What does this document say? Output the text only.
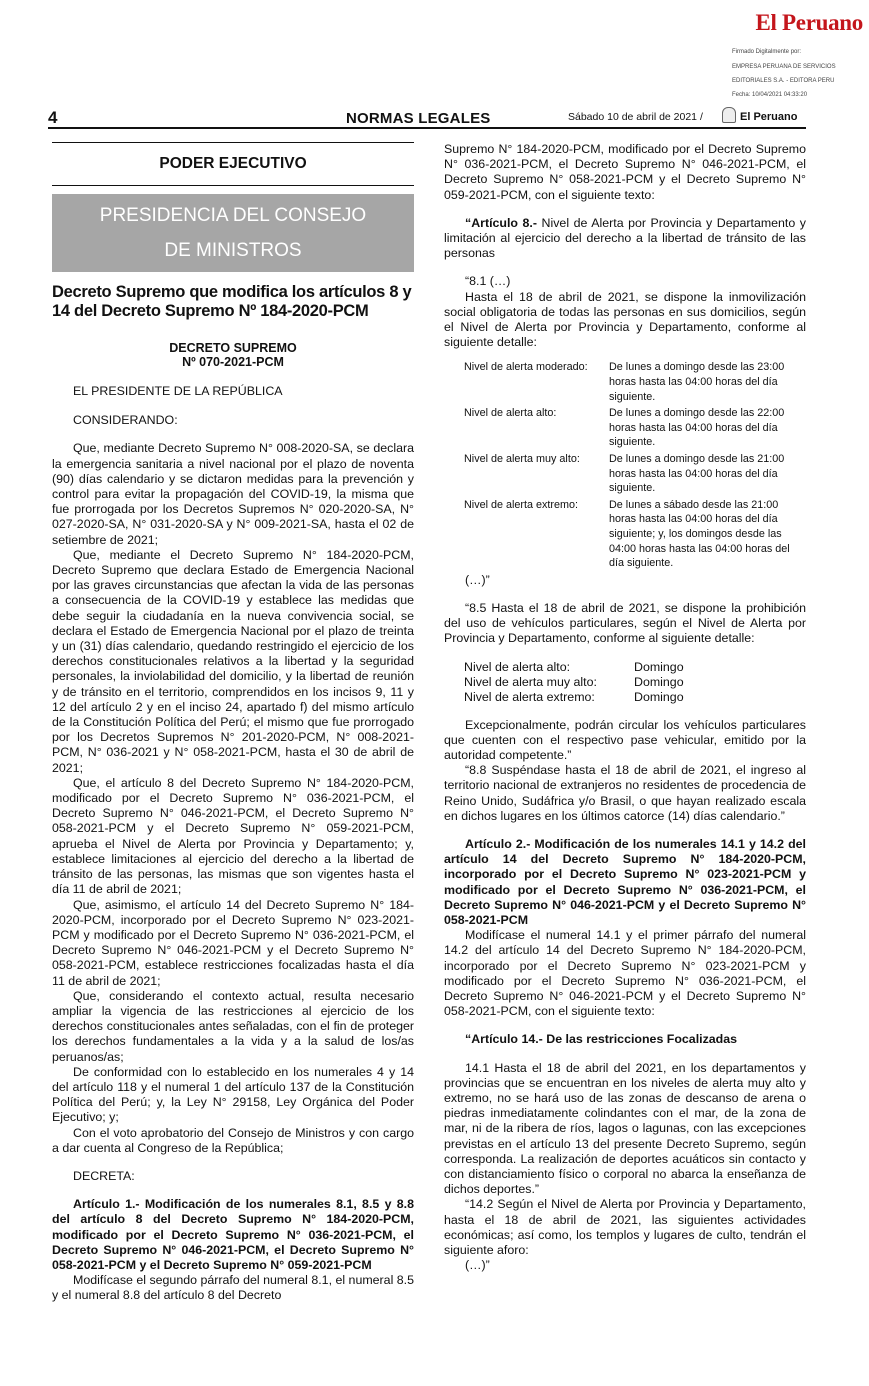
El Peruano

Firmado Digitalmente por:

EMPRESA PERUANA DE SERVICIOS

EDITORIALES S.A. - EDITORA PERU

Fecha: 10/04/2021 04:33:20

4	NORMAS LEGALES	Sábado 10 de abril de 2021 /	El Peruano
PODER EJECUTIVO
PRESIDENCIA DEL CONSEJO
DE MINISTROS
Decreto Supremo que modifica los artículos 8 y 14 del Decreto Supremo Nº 184-2020-PCM
DECRETO SUPREMO
Nº 070-2021-PCM

EL PRESIDENTE DE LA REPÚBLICA

CONSIDERANDO:

Que, mediante Decreto Supremo N° 008-2020-SA, se declara la emergencia sanitaria a nivel nacional por el plazo de noventa (90) días calendario y se dictaron medidas para la prevención y control para evitar la propagación del COVID-19, la misma que fue prorrogada por los Decretos Supremos N° 020-2020-SA, N° 027-2020-SA, N° 031-2020-SA y N° 009-2021-SA, hasta el 02 de setiembre de 2021;

Que, mediante el Decreto Supremo N° 184-2020-PCM, Decreto Supremo que declara Estado de Emergencia Nacional por las graves circunstancias que afectan la vida de las personas a consecuencia de la COVID-19 y establece las medidas que debe seguir la ciudadanía en la nueva convivencia social, se declara el Estado de Emergencia Nacional por el plazo de treinta y un (31) días calendario, quedando restringido el ejercicio de los derechos constitucionales relativos a la libertad y la seguridad personales, la inviolabilidad del domicilio, y la libertad de reunión y de tránsito en el territorio, comprendidos en los incisos 9, 11 y 12 del artículo 2 y en el inciso 24, apartado f) del mismo artículo de la Constitución Política del Perú; el mismo que fue prorrogado por los Decretos Supremos N° 201-2020-PCM, N° 008-2021-PCM, N° 036-2021 y N° 058-2021-PCM, hasta el 30 de abril de 2021;

Que, el artículo 8 del Decreto Supremo N° 184-2020-PCM, modificado por el Decreto Supremo N° 036-2021-PCM, el Decreto Supremo N° 046-2021-PCM, el Decreto Supremo N° 058-2021-PCM y el Decreto Supremo N° 059-2021-PCM, aprueba el Nivel de Alerta por Provincia y Departamento; y, establece limitaciones al ejercicio del derecho a la libertad de tránsito de las personas, las mismas que son vigentes hasta el día 11 de abril de 2021;

Que, asimismo, el artículo 14 del Decreto Supremo N° 184-2020-PCM, incorporado por el Decreto Supremo N° 023-2021-PCM y modificado por el Decreto Supremo N° 036-2021-PCM, el Decreto Supremo N° 046-2021-PCM y el Decreto Supremo N° 058-2021-PCM, establece restricciones focalizadas hasta el día 11 de abril de 2021;

Que, considerando el contexto actual, resulta necesario ampliar la vigencia de las restricciones al ejercicio de los derechos constitucionales antes señaladas, con el fin de proteger los derechos fundamentales a la vida y a la salud de los/as peruanos/as;

De conformidad con lo establecido en los numerales 4 y 14 del artículo 118 y el numeral 1 del artículo 137 de la Constitución Política del Perú; y, la Ley N° 29158, Ley Orgánica del Poder Ejecutivo; y;

Con el voto aprobatorio del Consejo de Ministros y con cargo a dar cuenta al Congreso de la República;

DECRETA:

Artículo 1.- Modificación de los numerales 8.1, 8.5 y 8.8 del artículo 8 del Decreto Supremo N° 184-2020-PCM, modificado por el Decreto Supremo N° 036-2021-PCM, el Decreto Supremo N° 046-2021-PCM, el Decreto Supremo N° 058-2021-PCM y el Decreto Supremo N° 059-2021-PCM

Modifícase el segundo párrafo del numeral 8.1, el numeral 8.5 y el numeral 8.8 del artículo 8 del Decreto

Supremo N° 184-2020-PCM, modificado por el Decreto Supremo N° 036-2021-PCM, el Decreto Supremo N° 046-2021-PCM, el Decreto Supremo N° 058-2021-PCM y el Decreto Supremo N° 059-2021-PCM, con el siguiente texto:

“Artículo 8.- Nivel de Alerta por Provincia y Departamento y limitación al ejercicio del derecho a la libertad de tránsito de las personas

“8.1 (…)

Hasta el 18 de abril de 2021, se dispone la inmovilización social obligatoria de todas las personas en sus domicilios, según el Nivel de Alerta por Provincia y Departamento, conforme al siguiente detalle:

Nivel de alerta moderado:	De lunes a domingo desde las 23:00 horas hasta las 04:00 horas del día siguiente.
Nivel de alerta alto:	De lunes a domingo desde las 22:00 horas hasta las 04:00 horas del día siguiente.
Nivel de alerta muy alto:	De lunes a domingo desde las 21:00 horas hasta las 04:00 horas del día siguiente.
Nivel de alerta extremo:	De lunes a sábado desde las 21:00 horas hasta las 04:00 horas del día siguiente; y, los domingos desde las 04:00 horas hasta las 04:00 horas del día siguiente.

(…)”

“8.5 Hasta el 18 de abril de 2021, se dispone la prohibición del uso de vehículos particulares, según el Nivel de Alerta por Provincia y Departamento, conforme al siguiente detalle:

Nivel de alerta alto:	Domingo
Nivel de alerta muy alto:	Domingo
Nivel de alerta extremo:	Domingo

Excepcionalmente, podrán circular los vehículos particulares que cuenten con el respectivo pase vehicular, emitido por la autoridad competente.”

“8.8 Suspéndase hasta el 18 de abril de 2021, el ingreso al territorio nacional de extranjeros no residentes de procedencia de Reino Unido, Sudáfrica y/o Brasil, o que hayan realizado escala en dichos lugares en los últimos catorce (14) días calendario.”

Artículo 2.- Modificación de los numerales 14.1 y 14.2 del artículo 14 del Decreto Supremo N° 184-2020-PCM, incorporado por el Decreto Supremo N° 023-2021-PCM y modificado por el Decreto Supremo N° 036-2021-PCM, el Decreto Supremo N° 046-2021-PCM y el Decreto Supremo N° 058-2021-PCM

Modifícase el numeral 14.1 y el primer párrafo del numeral 14.2 del artículo 14 del Decreto Supremo N° 184-2020-PCM, incorporado por el Decreto Supremo N° 023-2021-PCM y modificado por el Decreto Supremo N° 036-2021-PCM, el Decreto Supremo N° 046-2021-PCM y el Decreto Supremo N° 058-2021-PCM, con el siguiente texto:

“Artículo 14.- De las restricciones Focalizadas

14.1 Hasta el 18 de abril del 2021, en los departamentos y provincias que se encuentran en los niveles de alerta muy alto y extremo, no se hará uso de las zonas de descanso de arena o piedras inmediatamente colindantes con el mar, de la zona de mar, ni de la ribera de ríos, lagos o lagunas, con las excepciones previstas en el artículo 13 del presente Decreto Supremo, según corresponda. La realización de deportes acuáticos sin contacto y con distanciamiento físico o corporal no abarca la enseñanza de dichos deportes.”

“14.2 Según el Nivel de Alerta por Provincia y Departamento, hasta el 18 de abril de 2021, las siguientes actividades económicas; así como, los templos y lugares de culto, tendrán el siguiente aforo:

(…)”
